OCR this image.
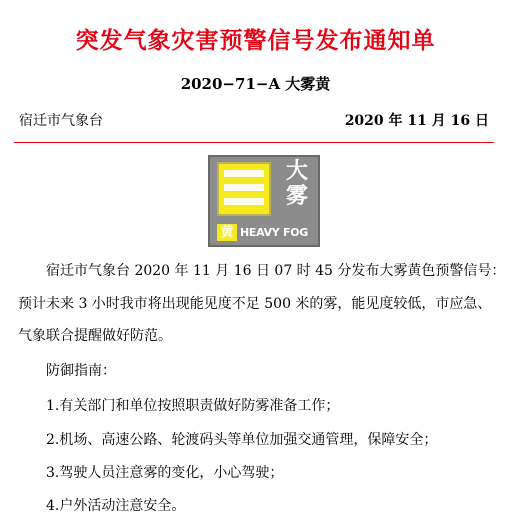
突发气象灾害预警信号发布通知单
2020−71−A 大雾黄
宿迁市气象台	2020 年 11 月 16 日
大雾
黄 HEAVY FOG
宿迁市气象台 2020 年 11 月 16 日 07 时 45 分发布大雾黄色预警信号：
预计未来 3 小时我市将出现能见度不足 500 米的雾，能见度较低，市应急、
气象联合提醒做好防范。
防御指南：
1.有关部门和单位按照职责做好防雾准备工作；
2.机场、高速公路、轮渡码头等单位加强交通管理，保障安全；
3.驾驶人员注意雾的变化，小心驾驶；
4.户外活动注意安全。
